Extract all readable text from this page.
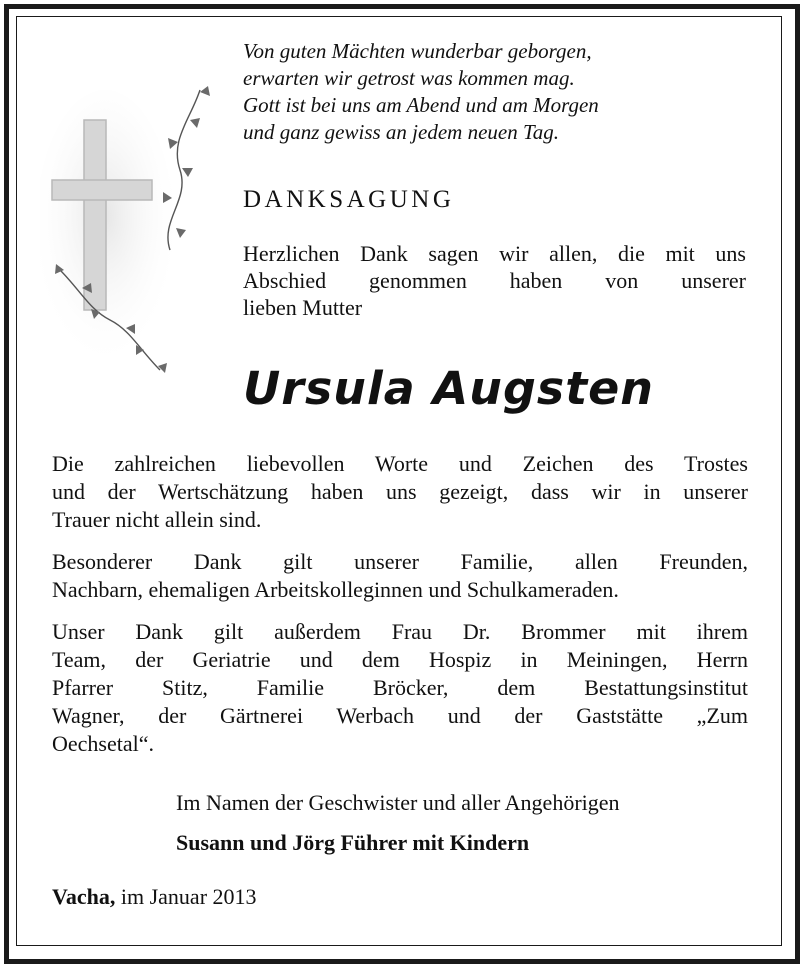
Von guten Mächten wunderbar geborgen,
erwarten wir getrost was kommen mag.
Gott ist bei uns am Abend und am Morgen
und ganz gewiss an jedem neuen Tag.
DANKSAGUNG
Herzlichen Dank sagen wir allen, die mit uns
Abschied genommen haben von unserer
lieben Mutter
Ursula Augsten
Die zahlreichen liebevollen Worte und Zeichen des Trostes
und der Wertschätzung haben uns gezeigt, dass wir in unserer
Trauer nicht allein sind.
Besonderer Dank gilt unserer Familie, allen Freunden,
Nachbarn, ehemaligen Arbeitskolleginnen und Schulkameraden.
Unser Dank gilt außerdem Frau Dr. Brommer mit ihrem
Team, der Geriatrie und dem Hospiz in Meiningen, Herrn
Pfarrer Stitz, Familie Bröcker, dem Bestattungsinstitut
Wagner, der Gärtnerei Werbach und der Gaststätte „Zum
Oechsetal“.
Im Namen der Geschwister und aller Angehörigen
Susann und Jörg Führer mit Kindern
Vacha, im Januar 2013
